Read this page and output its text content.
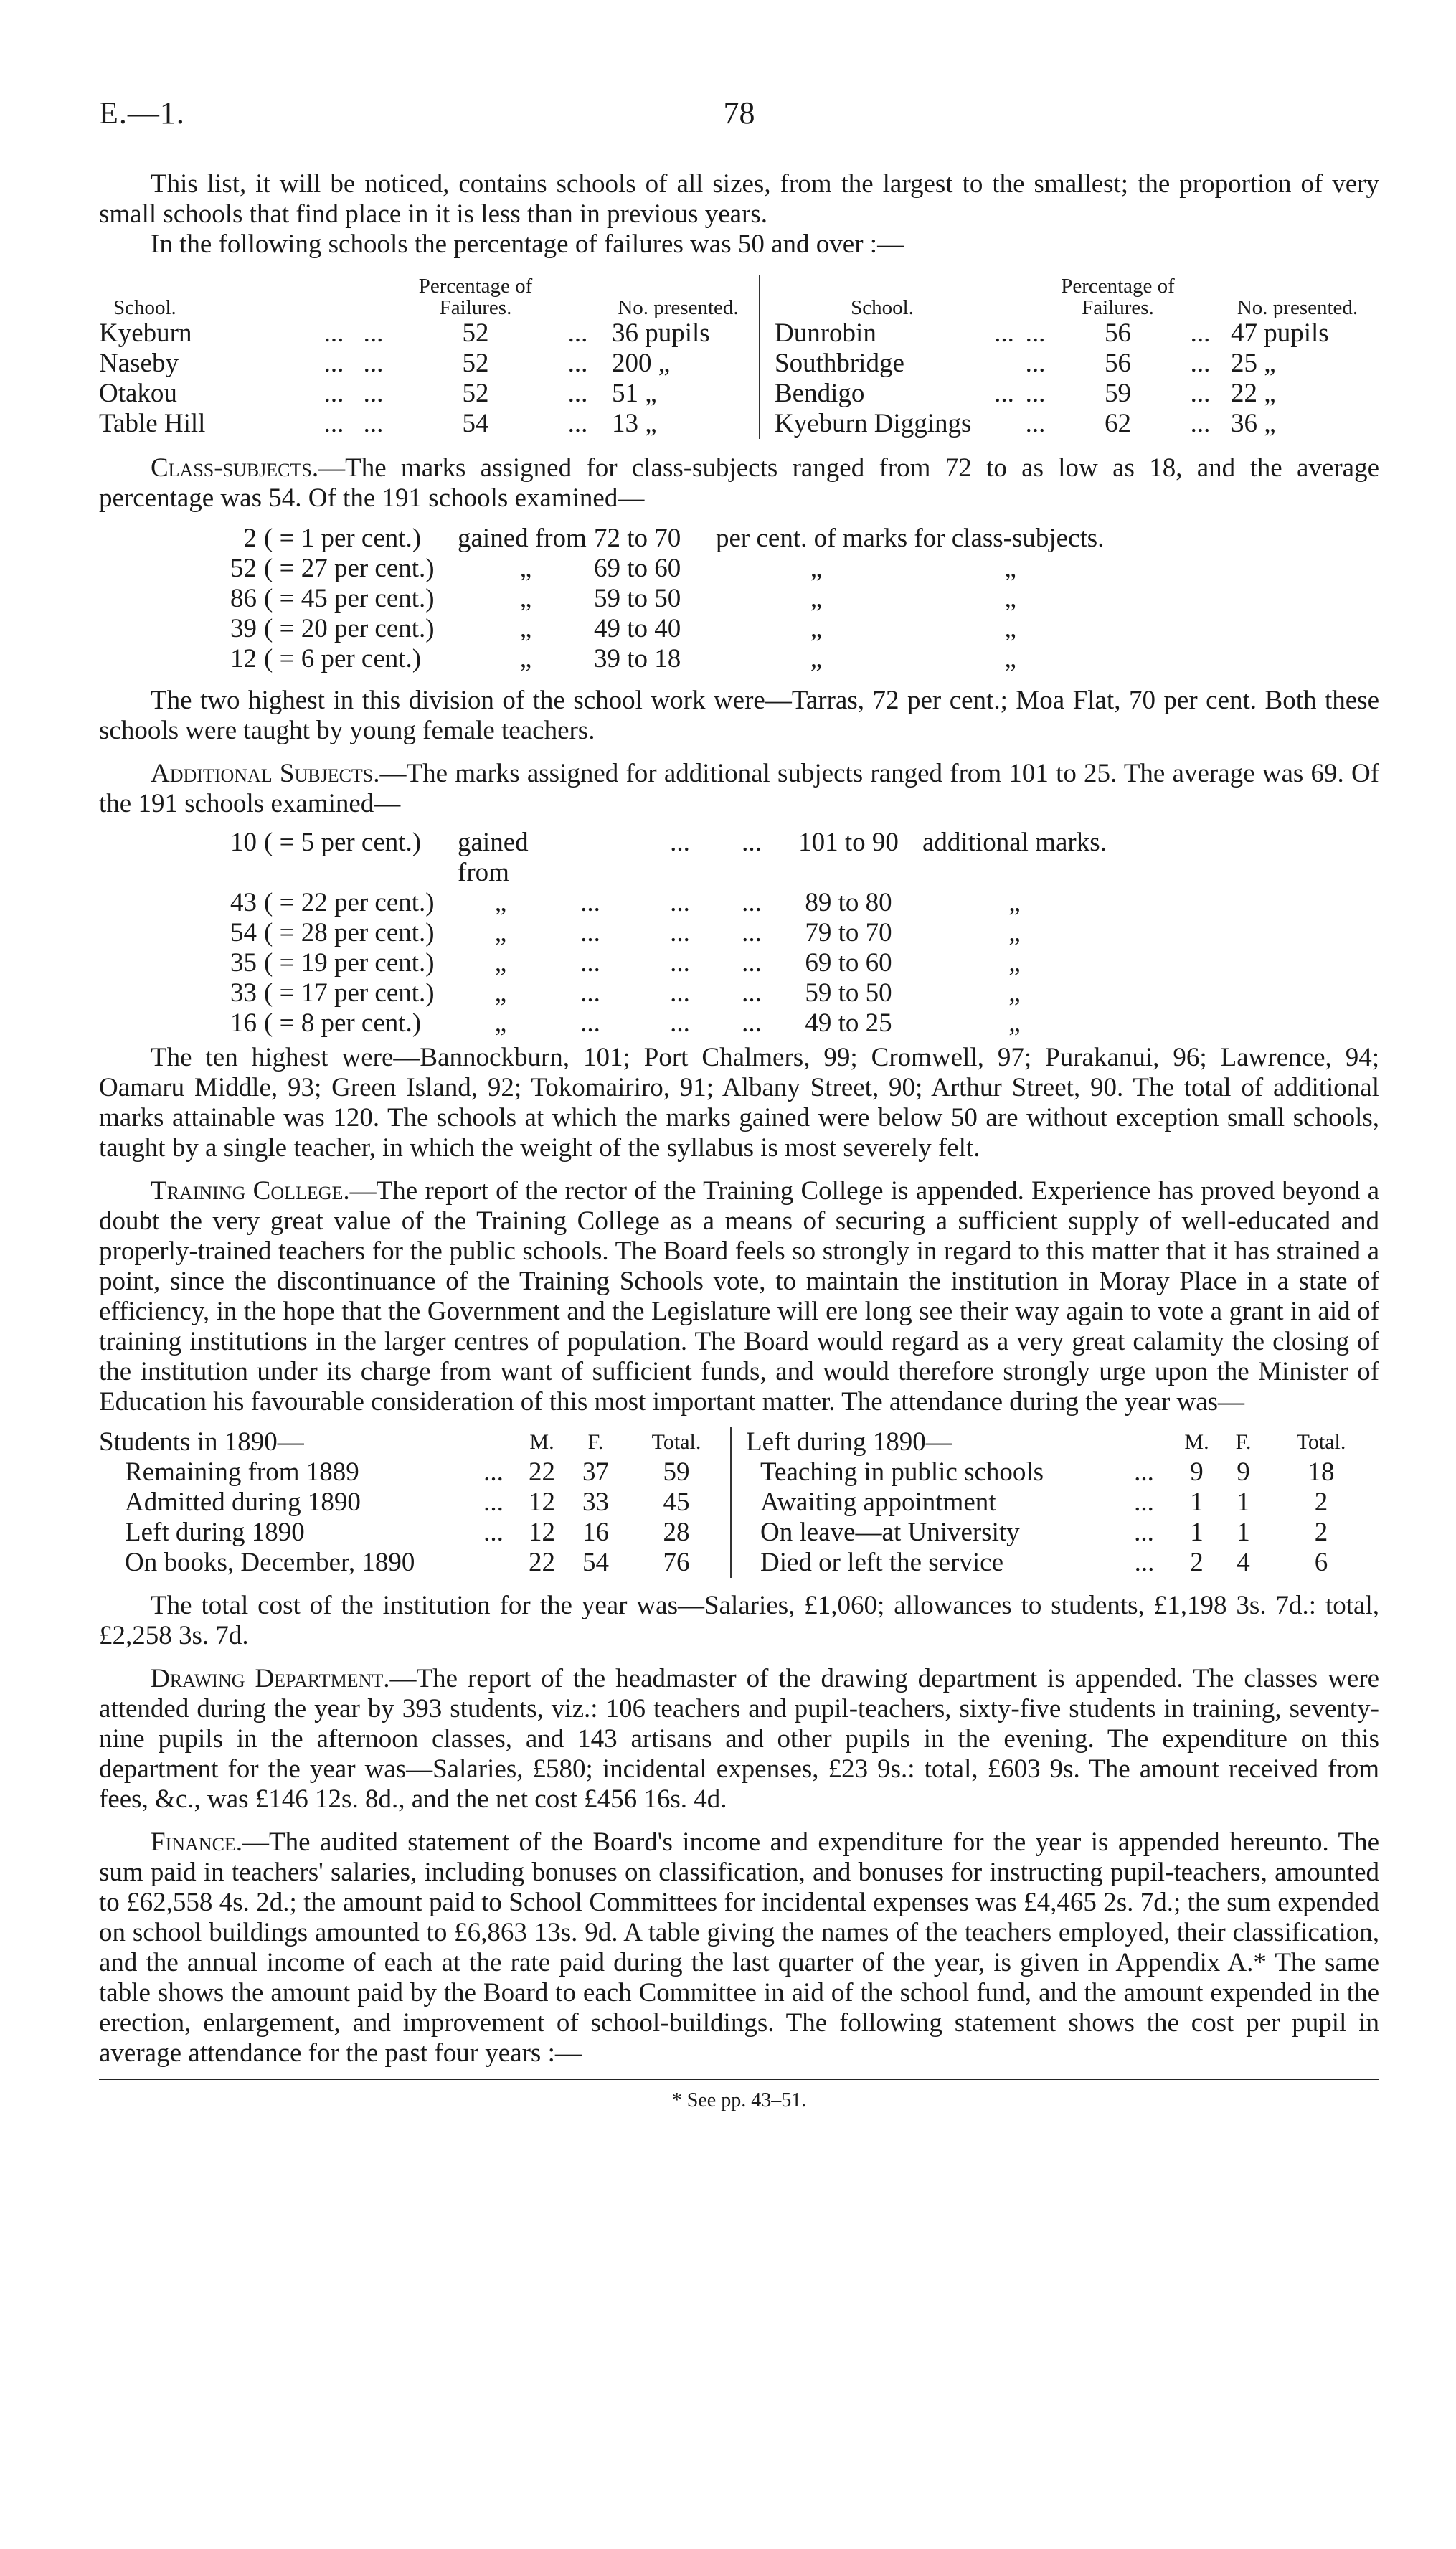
E.—1.	78

This list, it will be noticed, contains schools of all sizes, from the largest to the smallest; the proportion of very small schools that find place in it is less than in previous years.

In the following schools the percentage of failures was 50 and over :—

School.			Percentage of Failures.		No. presented.
Kyeburn	...	...	52	...	36 pupils
Naseby	...	...	52	...	200 „
Otakou	...	...	52	...	51 „
Table Hill	...	...	54	...	13 „
School.			Percentage of Failures.		No. presented.
Dunrobin	...	...	56	...	47 pupils
Southbridge		...	56	...	25 „
Bendigo	...	...	59	...	22 „
Kyeburn Diggings		...	62	...	36 „

Class-subjects.—The marks assigned for class-subjects ranged from 72 to as low as 18, and the average percentage was 54. Of the 191 schools examined—

2	( = 1 per cent.)	gained from	72 to 70	per cent. of marks for class-subjects.	
52	( = 27 per cent.)	„	69 to 60	„	„
86	( = 45 per cent.)	„	59 to 50	„	„
39	( = 20 per cent.)	„	49 to 40	„	„
12	( = 6 per cent.)	„	39 to 18	„	„

The two highest in this division of the school work were—Tarras, 72 per cent.; Moa Flat, 70 per cent. Both these schools were taught by young female teachers.

Additional Subjects.—The marks assigned for additional subjects ranged from 101 to 25. The average was 69. Of the 191 schools examined—

10	( = 5 per cent.)	gained from		...	...	101 to 90	additional marks.
43	( = 22 per cent.)	„	...	...	...	89 to 80	„
54	( = 28 per cent.)	„	...	...	...	79 to 70	„
35	( = 19 per cent.)	„	...	...	...	69 to 60	„
33	( = 17 per cent.)	„	...	...	...	59 to 50	„
16	( = 8 per cent.)	„	...	...	...	49 to 25	„

The ten highest were—Bannockburn, 101; Port Chalmers, 99; Cromwell, 97; Purakanui, 96; Lawrence, 94; Oamaru Middle, 93; Green Island, 92; Tokomairiro, 91; Albany Street, 90; Arthur Street, 90. The total of additional marks attainable was 120. The schools at which the marks gained were below 50 are without exception small schools, taught by a single teacher, in which the weight of the syllabus is most severely felt.

Training College.—The report of the rector of the Training College is appended. Experience has proved beyond a doubt the very great value of the Training College as a means of securing a sufficient supply of well-educated and properly-trained teachers for the public schools. The Board feels so strongly in regard to this matter that it has strained a point, since the discontinuance of the Training Schools vote, to maintain the institution in Moray Place in a state of efficiency, in the hope that the Government and the Legislature will ere long see their way again to vote a grant in aid of training institutions in the larger centres of population. The Board would regard as a very great calamity the closing of the institution under its charge from want of sufficient funds, and would therefore strongly urge upon the Minister of Education his favourable consideration of this most important matter. The attendance during the year was—

Students in 1890—		M.	F.	Total.
Remaining from 1889	...	22	37	59
Admitted during 1890	...	12	33	45
Left during 1890	...	12	16	28
On books, December, 1890		22	54	76
Left during 1890—		M.	F.	Total.
Teaching in public schools	...	9	9	18
Awaiting appointment	...	1	1	2
On leave—at University	...	1	1	2
Died or left the service	...	2	4	6

The total cost of the institution for the year was—Salaries, £1,060; allowances to students, £1,198 3s. 7d.: total, £2,258 3s. 7d.

Drawing Department.—The report of the headmaster of the drawing department is appended. The classes were attended during the year by 393 students, viz.: 106 teachers and pupil-teachers, sixty-five students in training, seventy-nine pupils in the afternoon classes, and 143 artisans and other pupils in the evening. The expenditure on this department for the year was—Salaries, £580; incidental expenses, £23 9s.: total, £603 9s. The amount received from fees, &c., was £146 12s. 8d., and the net cost £456 16s. 4d.

Finance.—The audited statement of the Board's income and expenditure for the year is appended hereunto. The sum paid in teachers' salaries, including bonuses on classification, and bonuses for instructing pupil-teachers, amounted to £62,558 4s. 2d.; the amount paid to School Committees for incidental expenses was £4,465 2s. 7d.; the sum expended on school buildings amounted to £6,863 13s. 9d. A table giving the names of the teachers employed, their classification, and the annual income of each at the rate paid during the last quarter of the year, is given in Appendix A.* The same table shows the amount paid by the Board to each Committee in aid of the school fund, and the amount expended in the erection, enlargement, and improvement of school-buildings. The following statement shows the cost per pupil in average attendance for the past four years :—

* See pp. 43–51.
